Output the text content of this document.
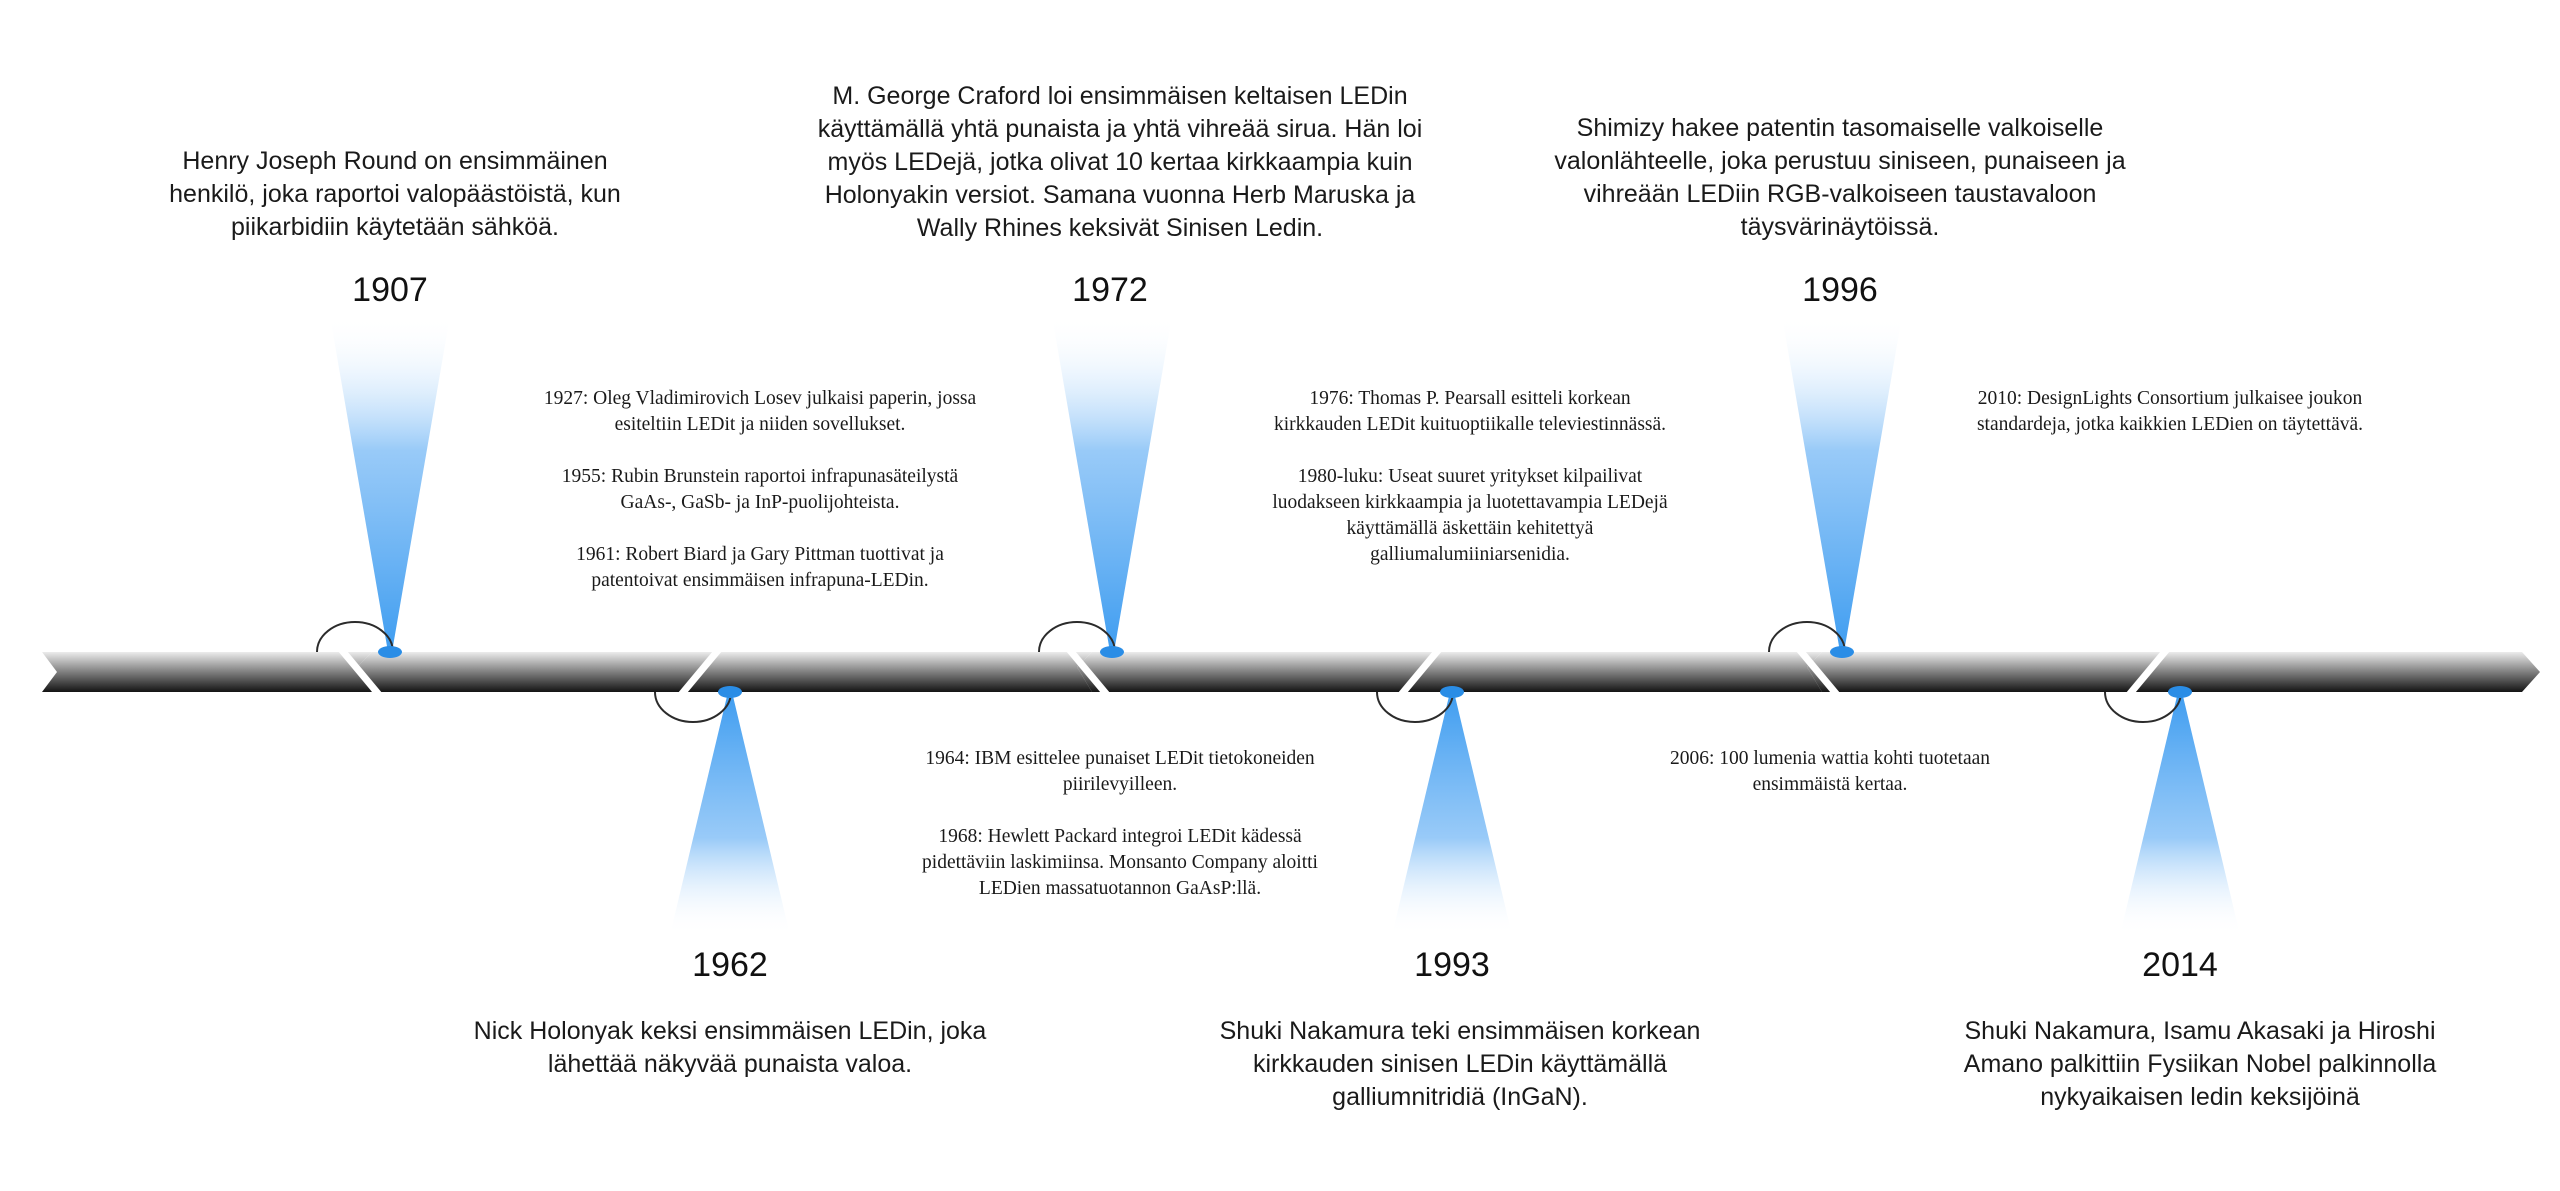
Henry Joseph Round on ensimmäinen
henkilö, joka raportoi valopäästöistä, kun
piikarbidiin käytetään sähköä.
1907
M. George Craford loi ensimmäisen keltaisen LEDin
käyttämällä yhtä punaista ja yhtä vihreää sirua. Hän loi
myös LEDejä, jotka olivat 10 kertaa kirkkaampia kuin
Holonyakin versiot. Samana vuonna Herb Maruska ja
Wally Rhines keksivät Sinisen Ledin.
1972
Shimizy hakee patentin tasomaiselle valkoiselle
valonlähteelle, joka perustuu siniseen, punaiseen ja
vihreään LEDiin RGB-valkoiseen taustavaloon
täysvärinäytöissä.
1996
1962
Nick Holonyak keksi ensimmäisen LEDin, joka
lähettää näkyvää punaista valoa.
1993
Shuki Nakamura teki ensimmäisen korkean
kirkkauden sinisen LEDin käyttämällä
galliumnitridiä (InGaN).
2014
Shuki Nakamura, Isamu Akasaki ja Hiroshi
Amano palkittiin Fysiikan Nobel palkinnolla
nykyaikaisen ledin keksijöinä
1927: Oleg Vladimirovich Losev julkaisi paperin, jossa
esiteltiin LEDit ja niiden sovellukset.

1955: Rubin Brunstein raportoi infrapunasäteilystä
GaAs-, GaSb- ja InP-puolijohteista.

1961: Robert Biard ja Gary Pittman tuottivat ja
patentoivat ensimmäisen infrapuna-LEDin.
1964: IBM esittelee punaiset LEDit tietokoneiden
piirilevyilleen.

1968: Hewlett Packard integroi LEDit kädessä
pidettäviin laskimiinsa. Monsanto Company aloitti
LEDien massatuotannon GaAsP:llä.
1976: Thomas P. Pearsall esitteli korkean
kirkkauden LEDit kuituoptiikalle televiestinnässä.

1980-luku: Useat suuret yritykset kilpailivat
luodakseen kirkkaampia ja luotettavampia LEDejä
käyttämällä äskettäin kehitettyä
galliumalumiiniarsenidia.
2006: 100 lumenia wattia kohti tuotetaan
ensimmäistä kertaa.
2010: DesignLights Consortium julkaisee joukon
standardeja, jotka kaikkien LEDien on täytettävä.
